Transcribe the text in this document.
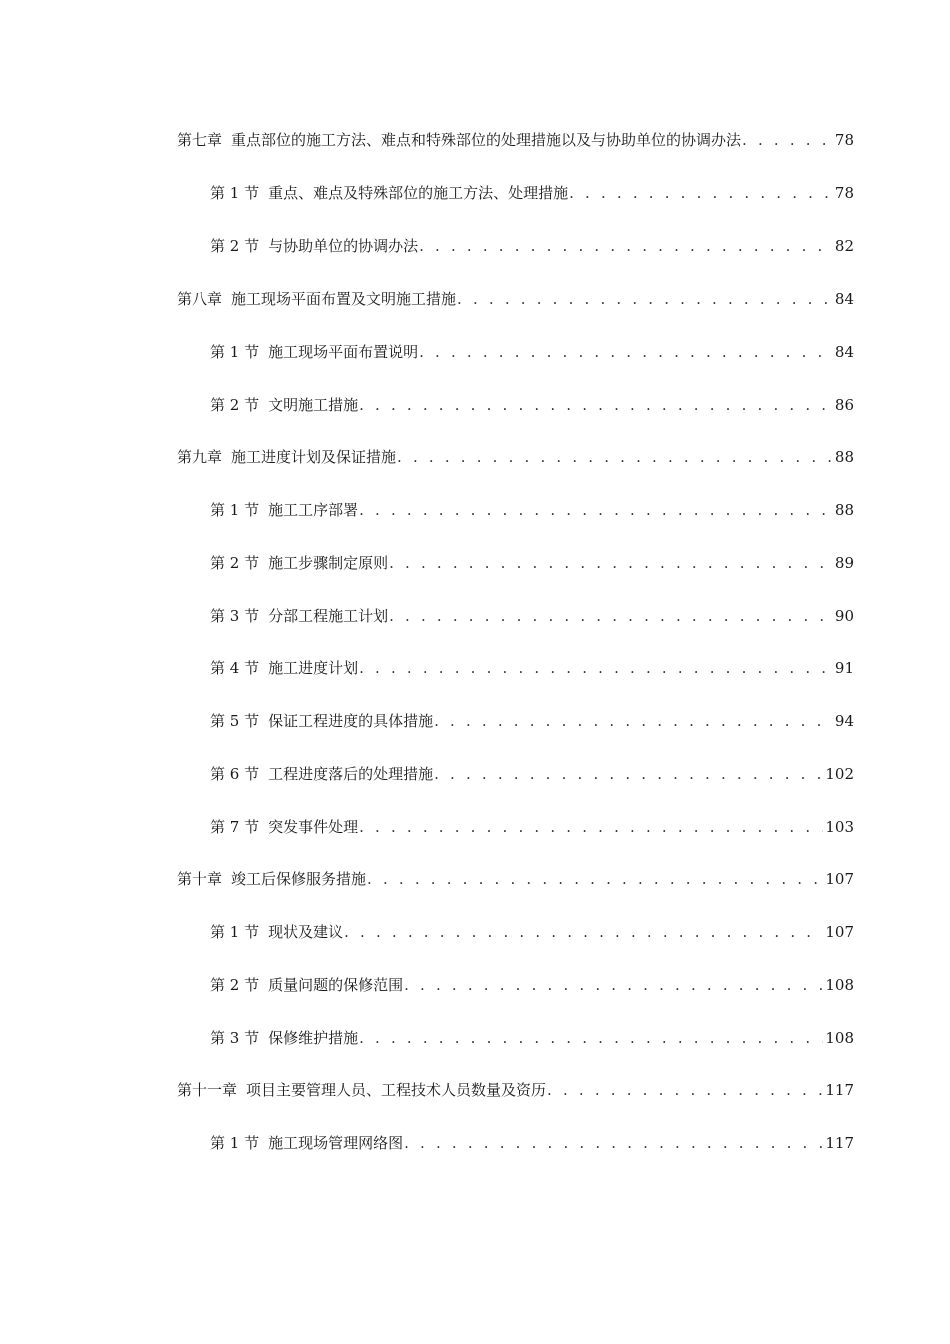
第七章 重点部位的施工方法、难点和特殊部位的处理措施以及与协助单位的协调办法 . . .	78
第 1 节 重点、难点及特殊部位的施工方法、处理措施 . . .	78
第 2 节 与协助单位的协调办法 . . .	82
第八章 施工现场平面布置及文明施工措施 . . .	84
第 1 节 施工现场平面布置说明 . . .	84
第 2 节 文明施工措施 . . .	86
第九章 施工进度计划及保证措施 . . .	88
第 1 节 施工工序部署 . . .	88
第 2 节 施工步骤制定原则 . . .	89
第 3 节 分部工程施工计划 . . .	90
第 4 节 施工进度计划 . . .	91
第 5 节 保证工程进度的具体措施 . . .	94
第 6 节 工程进度落后的处理措施 . . .	102
第 7 节 突发事件处理 . . .	103
第十章 竣工后保修服务措施 . . .	107
第 1 节 现状及建议 . . .	107
第 2 节 质量问题的保修范围 . . .	108
第 3 节 保修维护措施 . . .	108
第十一章 项目主要管理人员、工程技术人员数量及资历 . . .	117
第 1 节 施工现场管理网络图 . . .	117
